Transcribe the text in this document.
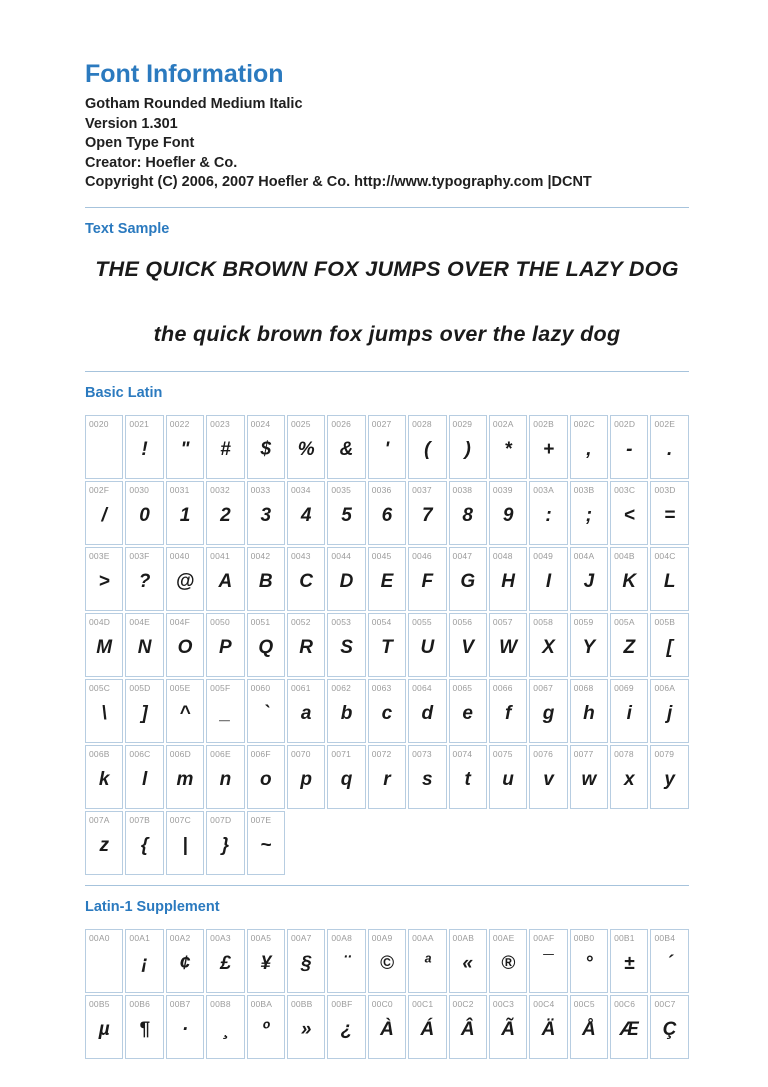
Font Information
Gotham Rounded Medium Italic
Version 1.301
Open Type Font
Creator: Hoefler & Co.
Copyright (C) 2006, 2007 Hoefler & Co. http://www.typography.com |DCNT
Text Sample
THE QUICK BROWN FOX JUMPS OVER THE LAZY DOG
the quick brown fox jumps over the lazy dog
Basic Latin
0020	0021
!
0022
"
0023
#
0024
$
0025
%
0026
&
0027
'
0028
(
0029
)
002A
*
002B
+
002C
,
002D
-
002E
.
002F
/
0030
0
0031
1
0032
2
0033
3
0034
4
0035
5
0036
6
0037
7
0038
8
0039
9
003A
:
003B
;
003C
<
003D
=
003E
>
003F
?
0040
@
0041
A
0042
B
0043
C
0044
D
0045
E
0046
F
0047
G
0048
H
0049
I
004A
J
004B
K
004C
L
004D
M
004E
N
004F
O
0050
P
0051
Q
0052
R
0053
S
0054
T
0055
U
0056
V
0057
W
0058
X
0059
Y
005A
Z
005B
[
005C
\
005D
]
005E
^
005F
_
0060
`
0061
a
0062
b
0063
c
0064
d
0065
e
0066
f
0067
g
0068
h
0069
i
006A
j
006B
k
006C
l
006D
m
006E
n
006F
o
0070
p
0071
q
0072
r
0073
s
0074
t
0075
u
0076
v
0077
w
0078
x
0079
y
007A
z
007B
{
007C
|
007D
}
007E
~
Latin-1 Supplement
00A0	00A1
¡
00A2
¢
00A3
£
00A5
¥
00A7
§
00A8
¨
00A9
©
00AA
ª
00AB
«
00AE
®
00AF
¯
00B0
°
00B1
±
00B4
´
00B5
µ
00B6
¶
00B7
·
00B8
¸
00BA
º
00BB
»
00BF
¿
00C0
À
00C1
Á
00C2
Â
00C3
Ã
00C4
Ä
00C5
Å
00C6
Æ
00C7
Ç
